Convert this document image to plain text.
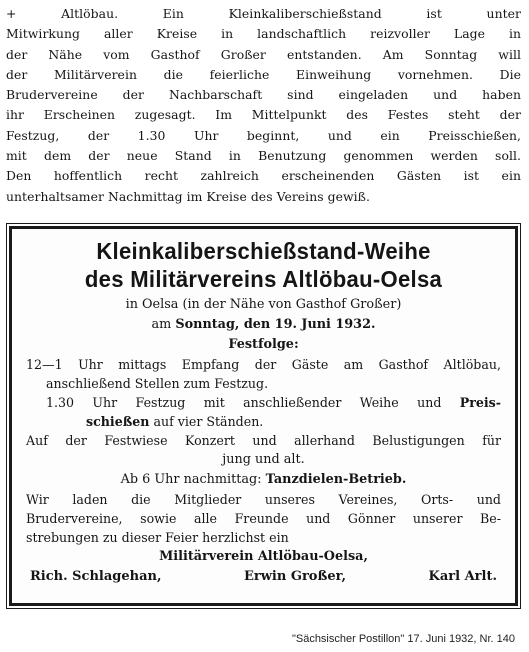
+ Altlöbau. Ein Kleinkaliberschießstand ist unter
Mitwirkung aller Kreise in landschaftlich reizvoller Lage in
der Nähe vom Gasthof Großer entstanden. Am Sonntag will
der Militärverein die feierliche Einweihung vornehmen. Die
Brudervereine der Nachbarschaft sind eingeladen und haben
ihr Erscheinen zugesagt. Im Mittelpunkt des Festes steht der
Festzug, der 1.30 Uhr beginnt, und ein Preisschießen,
mit dem der neue Stand in Benutzung genommen werden soll.
Den hoffentlich recht zahlreich erscheinenden Gästen ist ein
unterhaltsamer Nachmittag im Kreise des Vereins gewiß.
Kleinkaliberschießstand-Weihe
des Militärvereins Altlöbau-Oelsa
in Oelsa (in der Nähe von Gasthof Großer)
am Sonntag, den 19. Juni 1932.
Festfolge:
12—1 Uhr mittags Empfang der Gäste am Gasthof Altlöbau,
anschließend Stellen zum Festzug.
1.30 Uhr Festzug mit anschließender Weihe und Preis-
schießen auf vier Ständen.
Auf der Festwiese Konzert und allerhand Belustigungen für
jung und alt.
Ab 6 Uhr nachmittag: Tanzdielen-Betrieb.
Wir laden die Mitglieder unseres Vereines, Orts- und
Brudervereine, sowie alle Freunde und Gönner unserer Be-
strebungen zu dieser Feier herzlichst ein
Militärverein Altlöbau-Oelsa,
Rich. Schlagehan,	Erwin Großer,	Karl Arlt.
"Sächsischer Postillon" 17. Juni 1932, Nr. 140
